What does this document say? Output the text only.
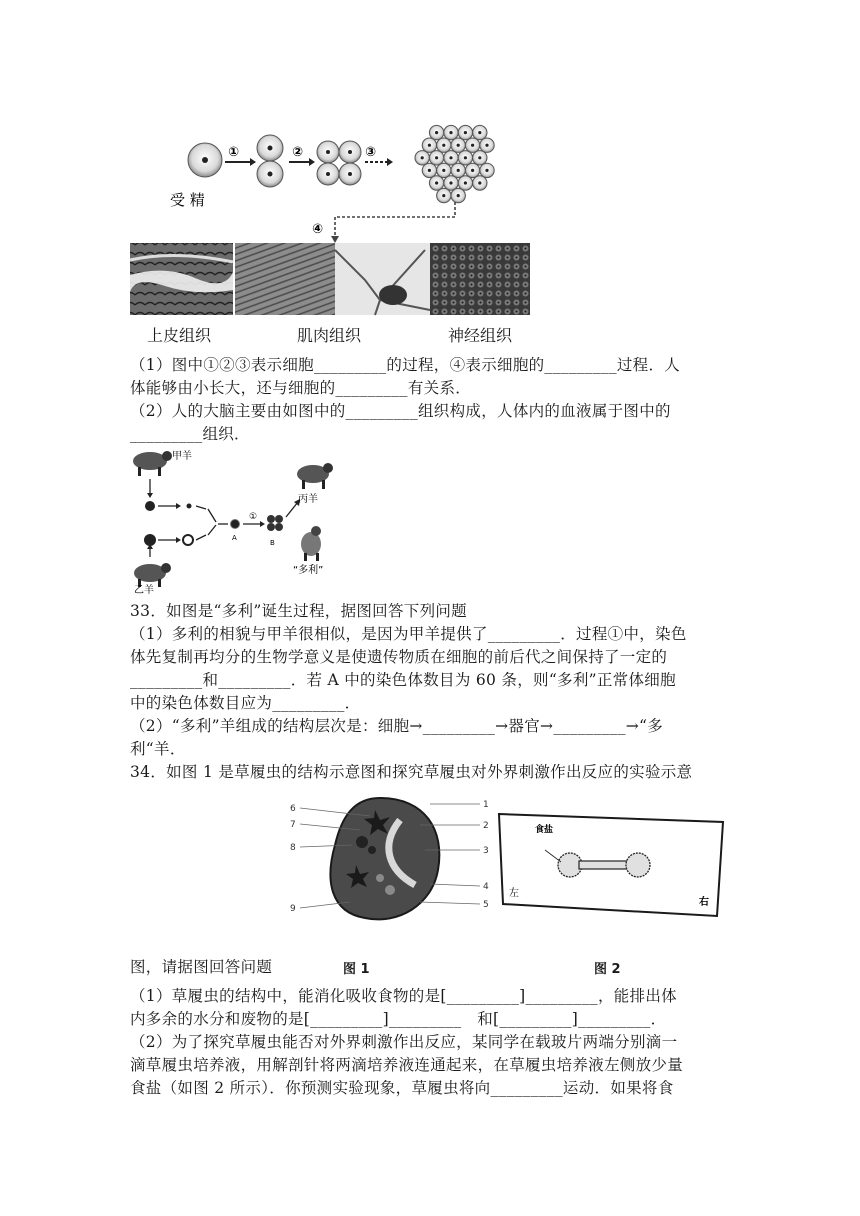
①	②	③
受 精
④
上皮组织	肌肉组织	神经组织
（1）图中①②③表示细胞_________的过程，④表示细胞的_________过程．人
体能够由小长大，还与细胞的_________有关系．
（2）人的大脑主要由如图中的_________组织构成，人体内的血液属于图中的
_________组织．
甲羊
乙羊
A
①
B
丙羊
“多利”
33．如图是“多利”诞生过程，据图回答下列问题
（1）多利的相貌与甲羊很相似，是因为甲羊提供了_________．过程①中，染色
体先复制再均分的生物学意义是使遗传物质在细胞的前后代之间保持了一定的
_________和_________．若 A 中的染色体数目为 60 条，则“多利”正常体细胞
中的染色体数目应为_________．
（2）“多利”羊组成的结构层次是：细胞→_________→器官→_________→“多
利“羊．
34．如图 1 是草履虫的结构示意图和探究草履虫对外界刺激作出反应的实验示意
6
7
8
9
1
2
3
4
5
食盐
左
右
图，请据图回答问题	图 1	图 2
（1）草履虫的结构中，能消化吸收食物的是[_________]_________，能排出体
内多余的水分和废物的是[_________]_________　和[_________]_________．
（2）为了探究草履虫能否对外界刺激作出反应，某同学在载玻片两端分别滴一
滴草履虫培养液，用解剖针将两滴培养液连通起来，在草履虫培养液左侧放少量
食盐（如图 2 所示）．你预测实验现象，草履虫将向_________运动．如果将食
